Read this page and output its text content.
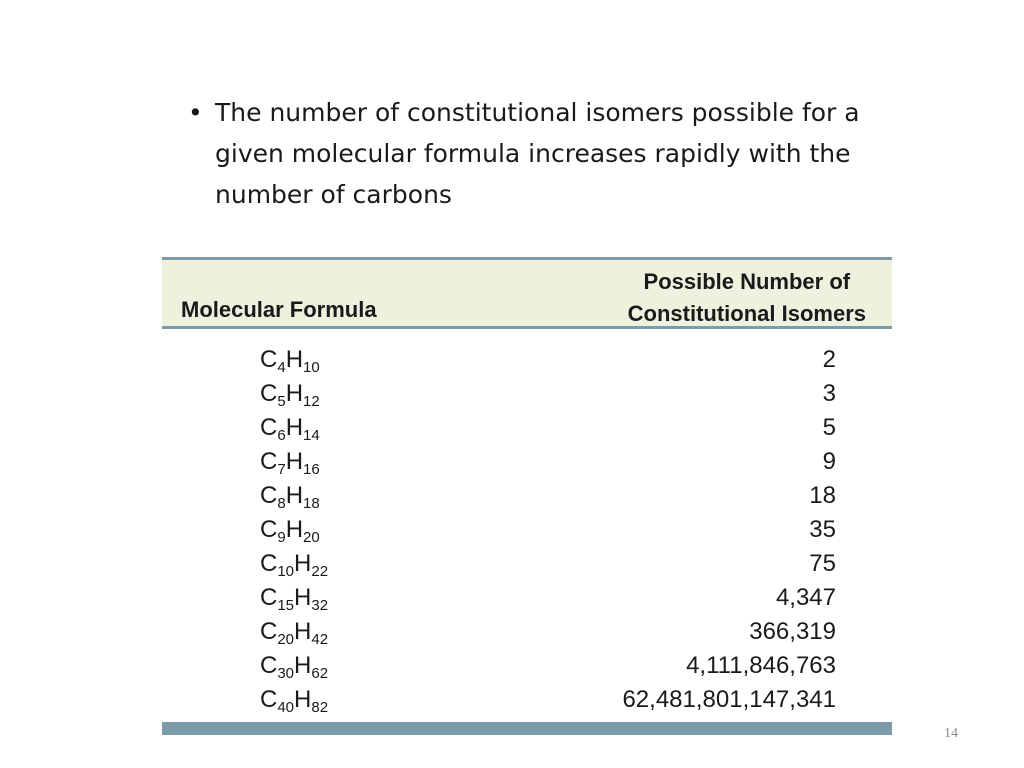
• The number of constitutional isomers possible for a given molecular formula increases rapidly with the number of carbons
Molecular Formula
Possible Number of
Constitutional Isomers
$C_4H_{10}$	2
$C_5H_{12}$	3
$C_6H_{14}$	5
$C_7H_{16}$	9
$C_8H_{18}$	18
$C_9H_{20}$	35
$C_{10}H_{22}$	75
$C_{15}H_{32}$	4,347
$C_{20}H_{42}$	366,319
$C_{30}H_{62}$	4,111,846,763
$C_{40}H_{82}$	62,481,801,147,341
14
